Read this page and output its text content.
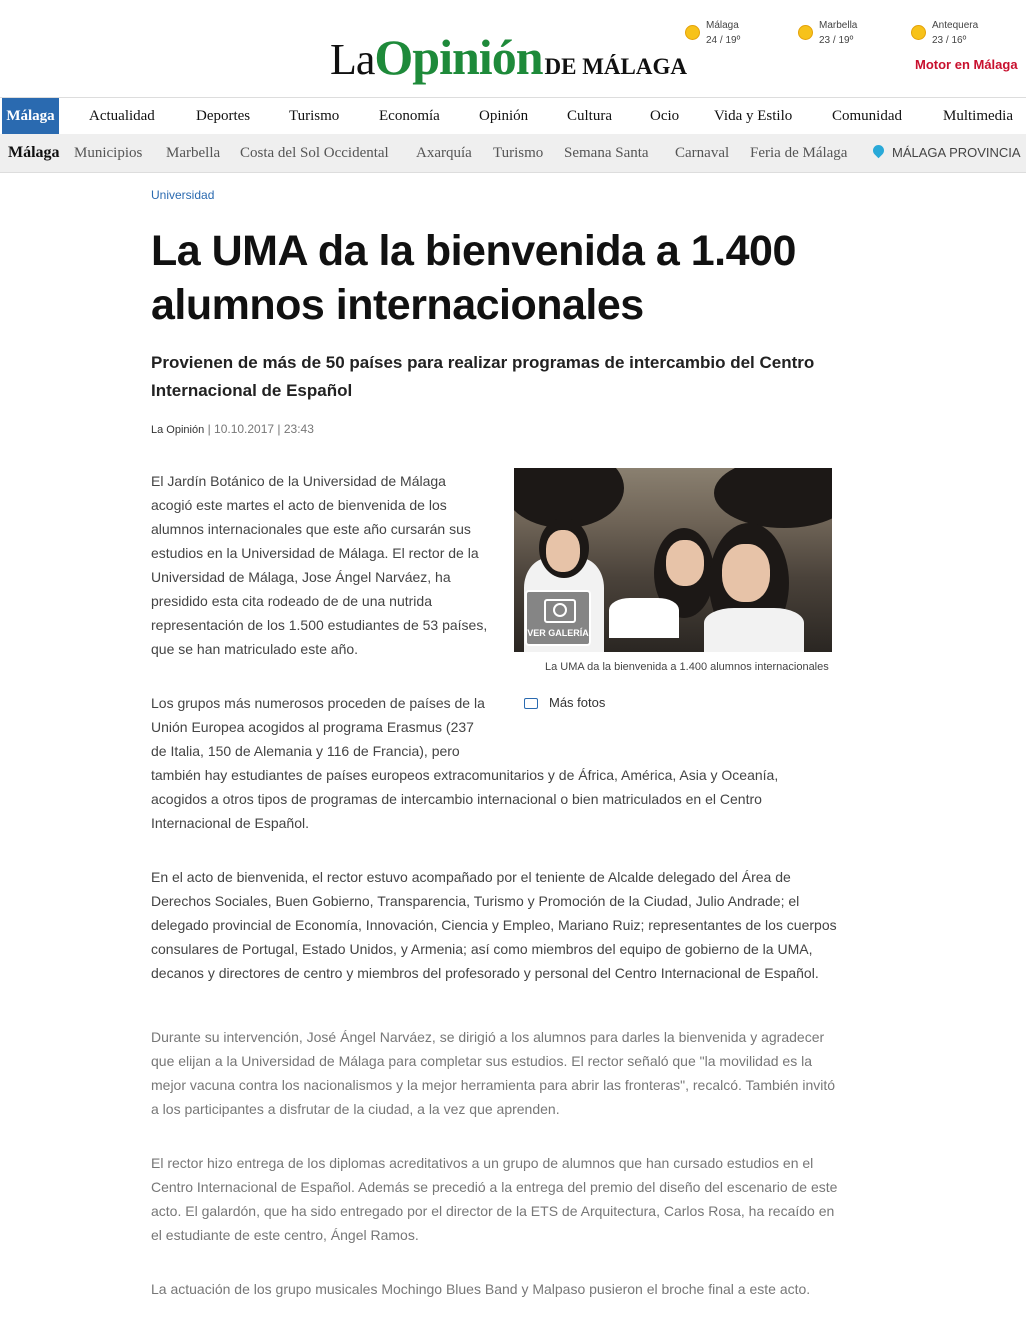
LaOpiniónDE MÁLAGA
Málaga
24 / 19º
Marbella
23 / 19º
Antequera
23 / 16º
Motor en Málaga
Málaga Actualidad	Deportes	Turismo	Economía	Opinión	Cultura	Ocio Vida y Estilo	Comunidad	Multimedia
Málaga Municipios Marbella Costa del Sol Occidental Axarquía Turismo Semana Santa Carnaval Feria de Málaga	MÁLAGA PROVINCIA
Universidad
La UMA da la bienvenida a 1.400 alumnos internacionales
Provienen de más de 50 países para realizar programas de intercambio del Centro Internacional de Español
La Opinión | 10.10.2017 | 23:43
VER GALERÍA
La UMA da la bienvenida a 1.400 alumnos internacionales
Más fotos

El Jardín Botánico de la Universidad de Málaga acogió este martes el acto de bienvenida de los alumnos internacionales que este año cursarán sus estudios en la Universidad de Málaga. El rector de la Universidad de Málaga, Jose Ángel Narváez, ha presidido esta cita rodeado de de una nutrida representación de los 1.500 estudiantes de 53 países, que se han matriculado este año.

Los grupos más numerosos proceden de países de la Unión Europea acogidos al programa Erasmus (237 de Italia, 150 de Alemania y 116 de Francia), pero también hay estudiantes de países europeos extracomunitarios y de África, América, Asia y Oceanía, acogidos a otros tipos de programas de intercambio internacional o bien matriculados en el Centro Internacional de Español.

En el acto de bienvenida, el rector estuvo acompañado por el teniente de Alcalde delegado del Área de Derechos Sociales, Buen Gobierno, Transparencia, Turismo y Promoción de la Ciudad, Julio Andrade; el delegado provincial de Economía, Innovación, Ciencia y Empleo, Mariano Ruiz; representantes de los cuerpos consulares de Portugal, Estado Unidos, y Armenia; así como miembros del equipo de gobierno de la UMA, decanos y directores de centro y miembros del profesorado y personal del Centro Internacional de Español.

Durante su intervención, José Ángel Narváez, se dirigió a los alumnos para darles la bienvenida y agradecer que elijan a la Universidad de Málaga para completar sus estudios. El rector señaló que "la movilidad es la mejor vacuna contra los nacionalismos y la mejor herramienta para abrir las fronteras", recalcó. También invitó a los participantes a disfrutar de la ciudad, a la vez que aprenden.

El rector hizo entrega de los diplomas acreditativos a un grupo de alumnos que han cursado estudios en el Centro Internacional de Español. Además se precedió a la entrega del premio del diseño del escenario de este acto. El galardón, que ha sido entregado por el director de la ETS de Arquitectura, Carlos Rosa, ha recaído en el estudiante de este centro, Ángel Ramos.

La actuación de los grupo musicales Mochingo Blues Band y Malpaso pusieron el broche final a este acto.
